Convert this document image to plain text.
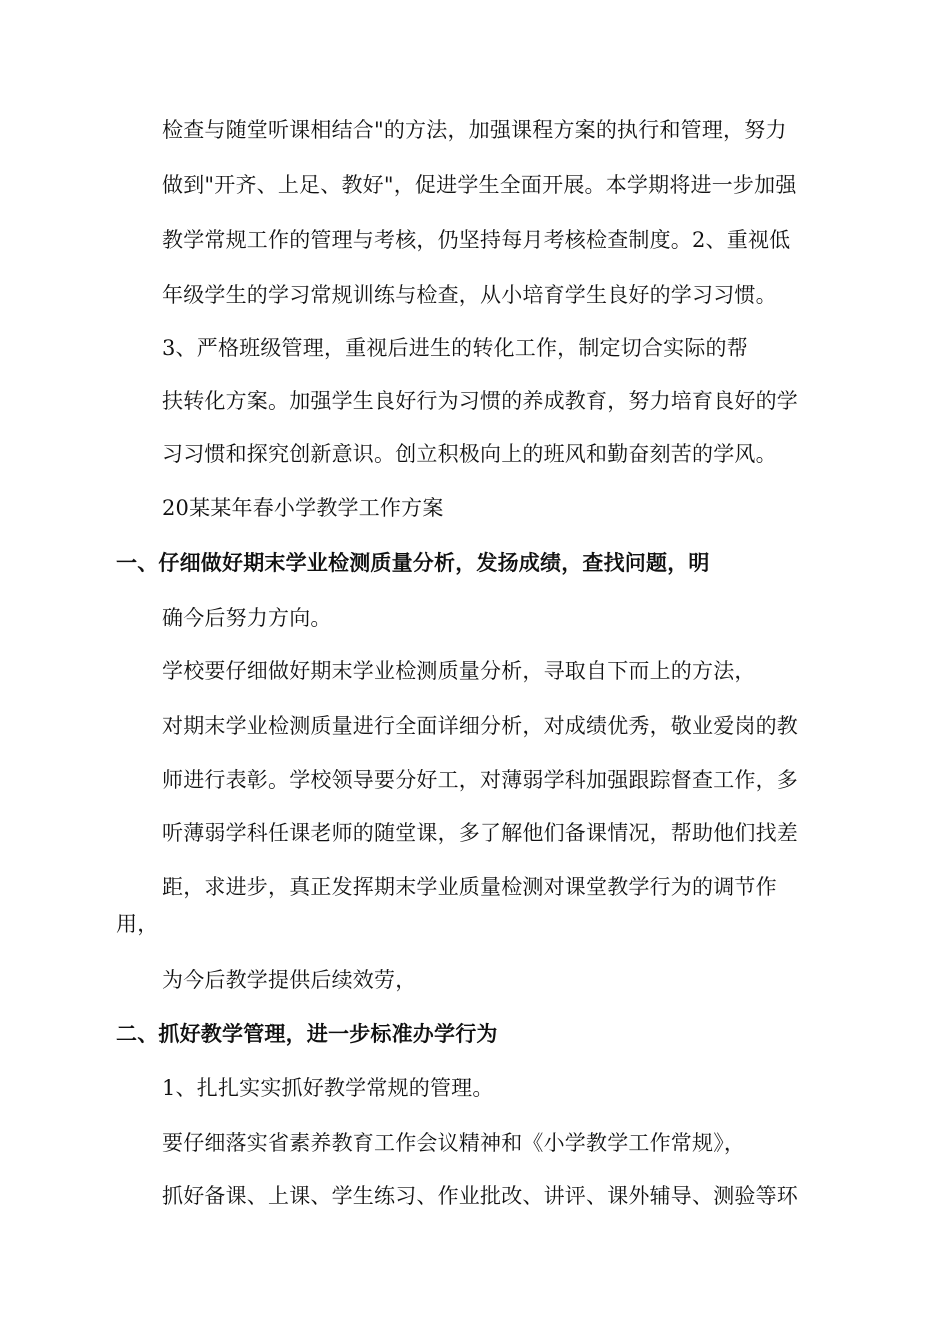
检查与随堂听课相结合"的方法，加强课程方案的执行和管理，努力
做到"开齐、上足、教好"，促进学生全面开展。本学期将进一步加强
教学常规工作的管理与考核，仍坚持每月考核检查制度。2、重视低
年级学生的学习常规训练与检查，从小培育学生良好的学习习惯。
3、严格班级管理，重视后进生的转化工作，制定切合实际的帮
扶转化方案。加强学生良好行为习惯的养成教育，努力培育良好的学
习习惯和探究创新意识。创立积极向上的班风和勤奋刻苦的学风。
20某某年春小学教学工作方案
一、仔细做好期末学业检测质量分析，发扬成绩，查找问题，明
确今后努力方向。
学校要仔细做好期末学业检测质量分析，寻取自下而上的方法，
对期末学业检测质量进行全面详细分析，对成绩优秀，敬业爱岗的教
师进行表彰。学校领导要分好工，对薄弱学科加强跟踪督查工作，多
听薄弱学科任课老师的随堂课，多了解他们备课情况，帮助他们找差
距，求进步，真正发挥期末学业质量检测对课堂教学行为的调节作
用，
为今后教学提供后续效劳，
二、抓好教学管理，进一步标准办学行为
1、扎扎实实抓好教学常规的管理。
要仔细落实省素养教育工作会议精神和《小学教学工作常规》，
抓好备课、上课、学生练习、作业批改、讲评、课外辅导、测验等环
